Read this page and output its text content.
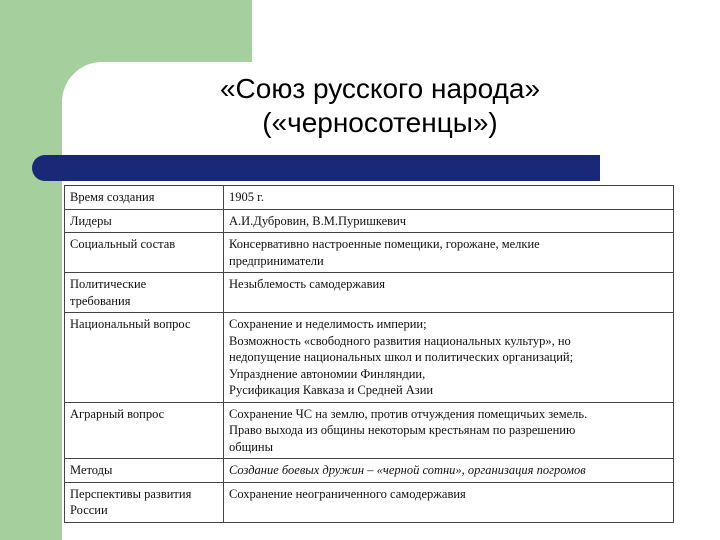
«Союз русского народа»
(«черносотенцы»)
Время создания	1905 г.

Лидеры	А.И.Дубровин, В.М.Пуришкевич

Социальный состав	Консервативно настроенные помещики, горожане, мелкие
предприниматели

Политические
требования	Незыблемость самодержавия

Национальный вопрос	Сохранение и неделимость империи;
Возможность «свободного развития национальных культур», но
недопущение национальных школ и политических организаций;
Упразднение автономии Финляндии,
Русификация Кавказа и Средней Азии

Аграрный вопрос	Сохранение ЧС на землю, против отчуждения помещичьих земель.
Право выхода из общины некоторым крестьянам по разрешению
общины

Методы	Создание боевых дружин – «черной сотни», организация погромов

Перспективы развития
России	Сохранение неограниченного самодержавия
